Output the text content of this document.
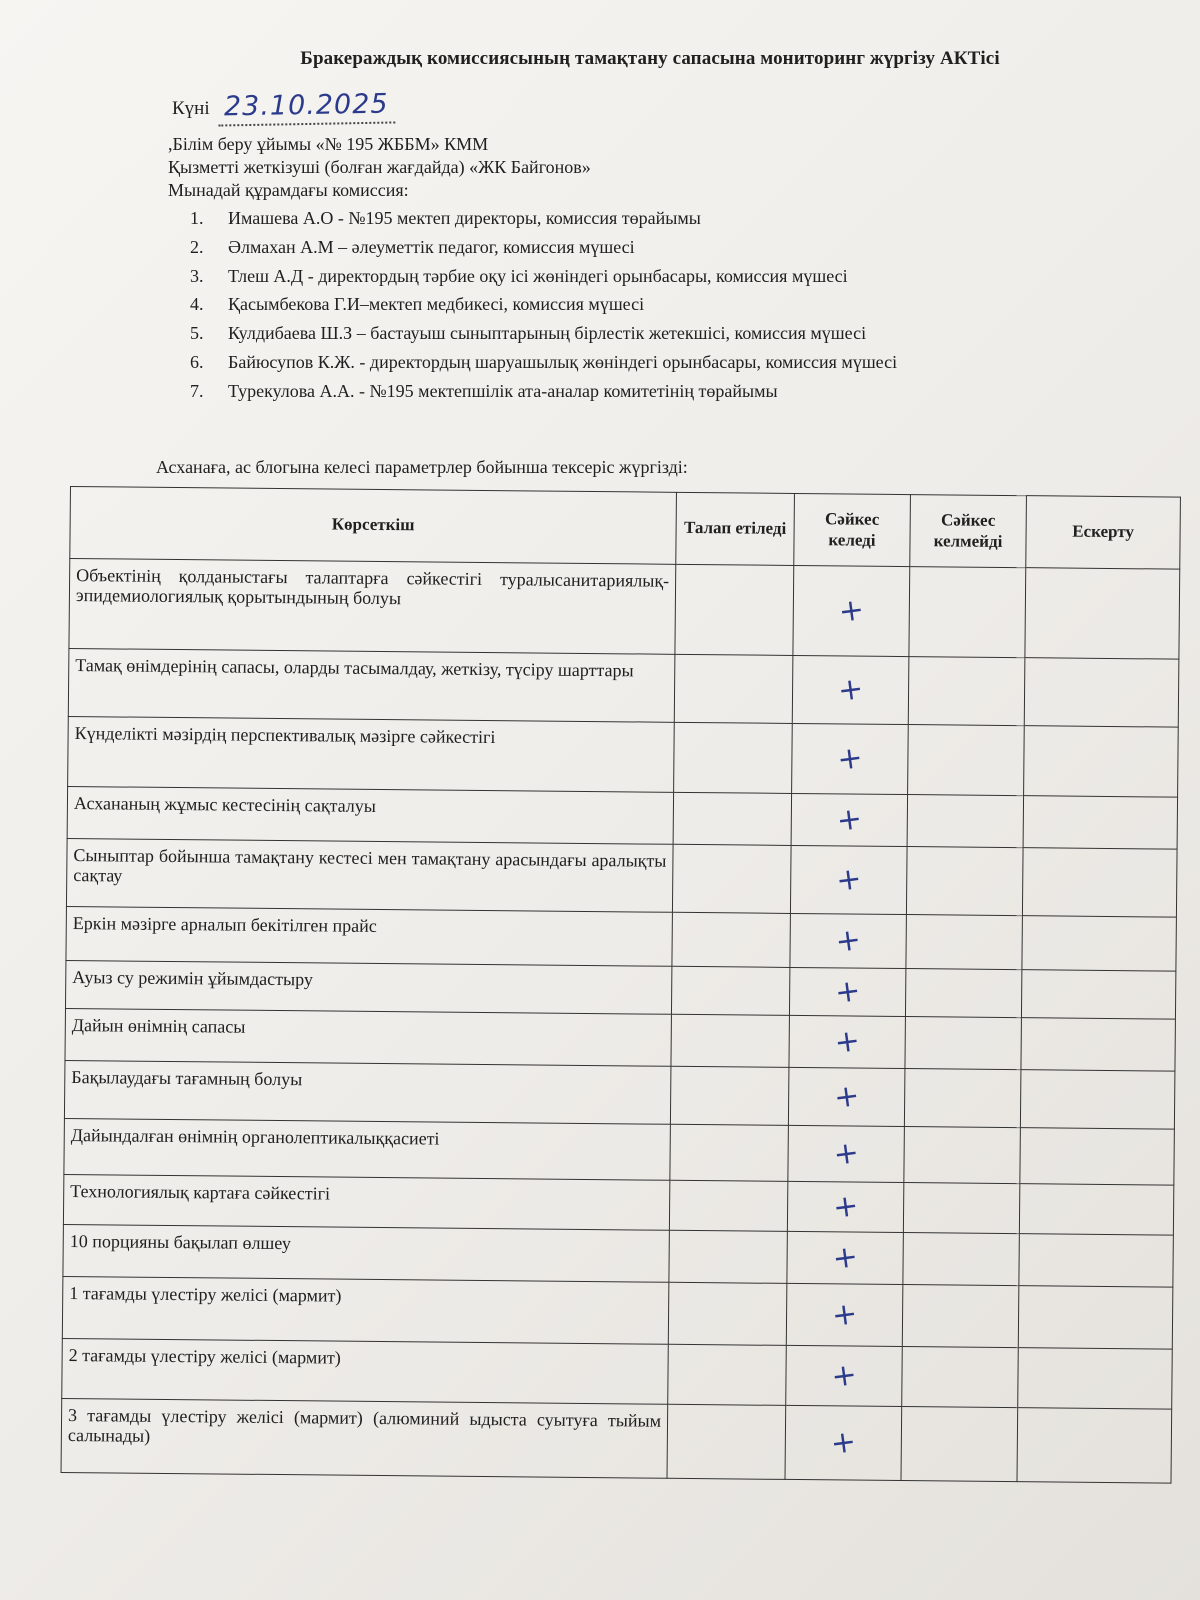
Бракераждық комиссиясының тамақтану сапасына мониторинг жүргізу АКТісі
Күні 23.10.2025
,Білім беру ұйымы «№ 195 ЖББМ» КММ
Қызметті жеткізуші (болған жағдайда) «ЖК Байгонов»
Мынадай құрамдағы комиссия:
1. Имашева А.О - №195 мектеп директоры, комиссия төрайымы
2. Әлмахан А.М – әлеуметтік педагог, комиссия мүшесі
3. Тлеш А.Д - директордың тәрбие оқу ісі жөніндегі орынбасары, комиссия мүшесі
4. Қасымбекова Г.И–мектеп медбикесі, комиссия мүшесі
5. Кулдибаева Ш.З – бастауыш сыныптарының бірлестік жетекшісі, комиссия мүшесі
6. Байюсупов К.Ж. - директордың шаруашылық жөніндегі орынбасары, комиссия мүшесі
7. Турекулова А.А. - №195 мектепшілік ата-аналар комитетінің төрайымы
Асханаға, ас блогына келесі параметрлер бойынша тексеріс жүргізді:
Көрсеткіш	Талап етіледі	Сәйкес келеді	Сәйкес келмейді	Ескерту
Объектінің қолданыстағы талаптарға сәйкестігі туралысанитариялық-эпидемиологиялық қорытындының болуы		+		
Тамақ өнімдерінің сапасы, оларды тасымалдау, жеткізу, түсіру шарттары		+		
Күнделікті мәзірдің перспективалық мәзірге сәйкестігі		+		
Асхананың жұмыс кестесінің сақталуы		+		
Сыныптар бойынша тамақтану кестесі мен тамақтану арасындағы аралықты сақтау		+		
Еркін мәзірге арналып бекітілген прайс		+		
Ауыз су режимін ұйымдастыру		+		
Дайын өнімнің сапасы		+		
Бақылаудағы тағамның болуы		+		
Дайындалған өнімнің органолептикалыққасиеті		+		
Технологиялық картаға сәйкестігі		+		
10 порцияны бақылап өлшеу		+		
1 тағамды үлестіру желісі (мармит)		+		
2 тағамды үлестіру желісі (мармит)		+		
3 тағамды үлестіру желісі (мармит) (алюминий ыдыста суытуға тыйым салынады)		+		
